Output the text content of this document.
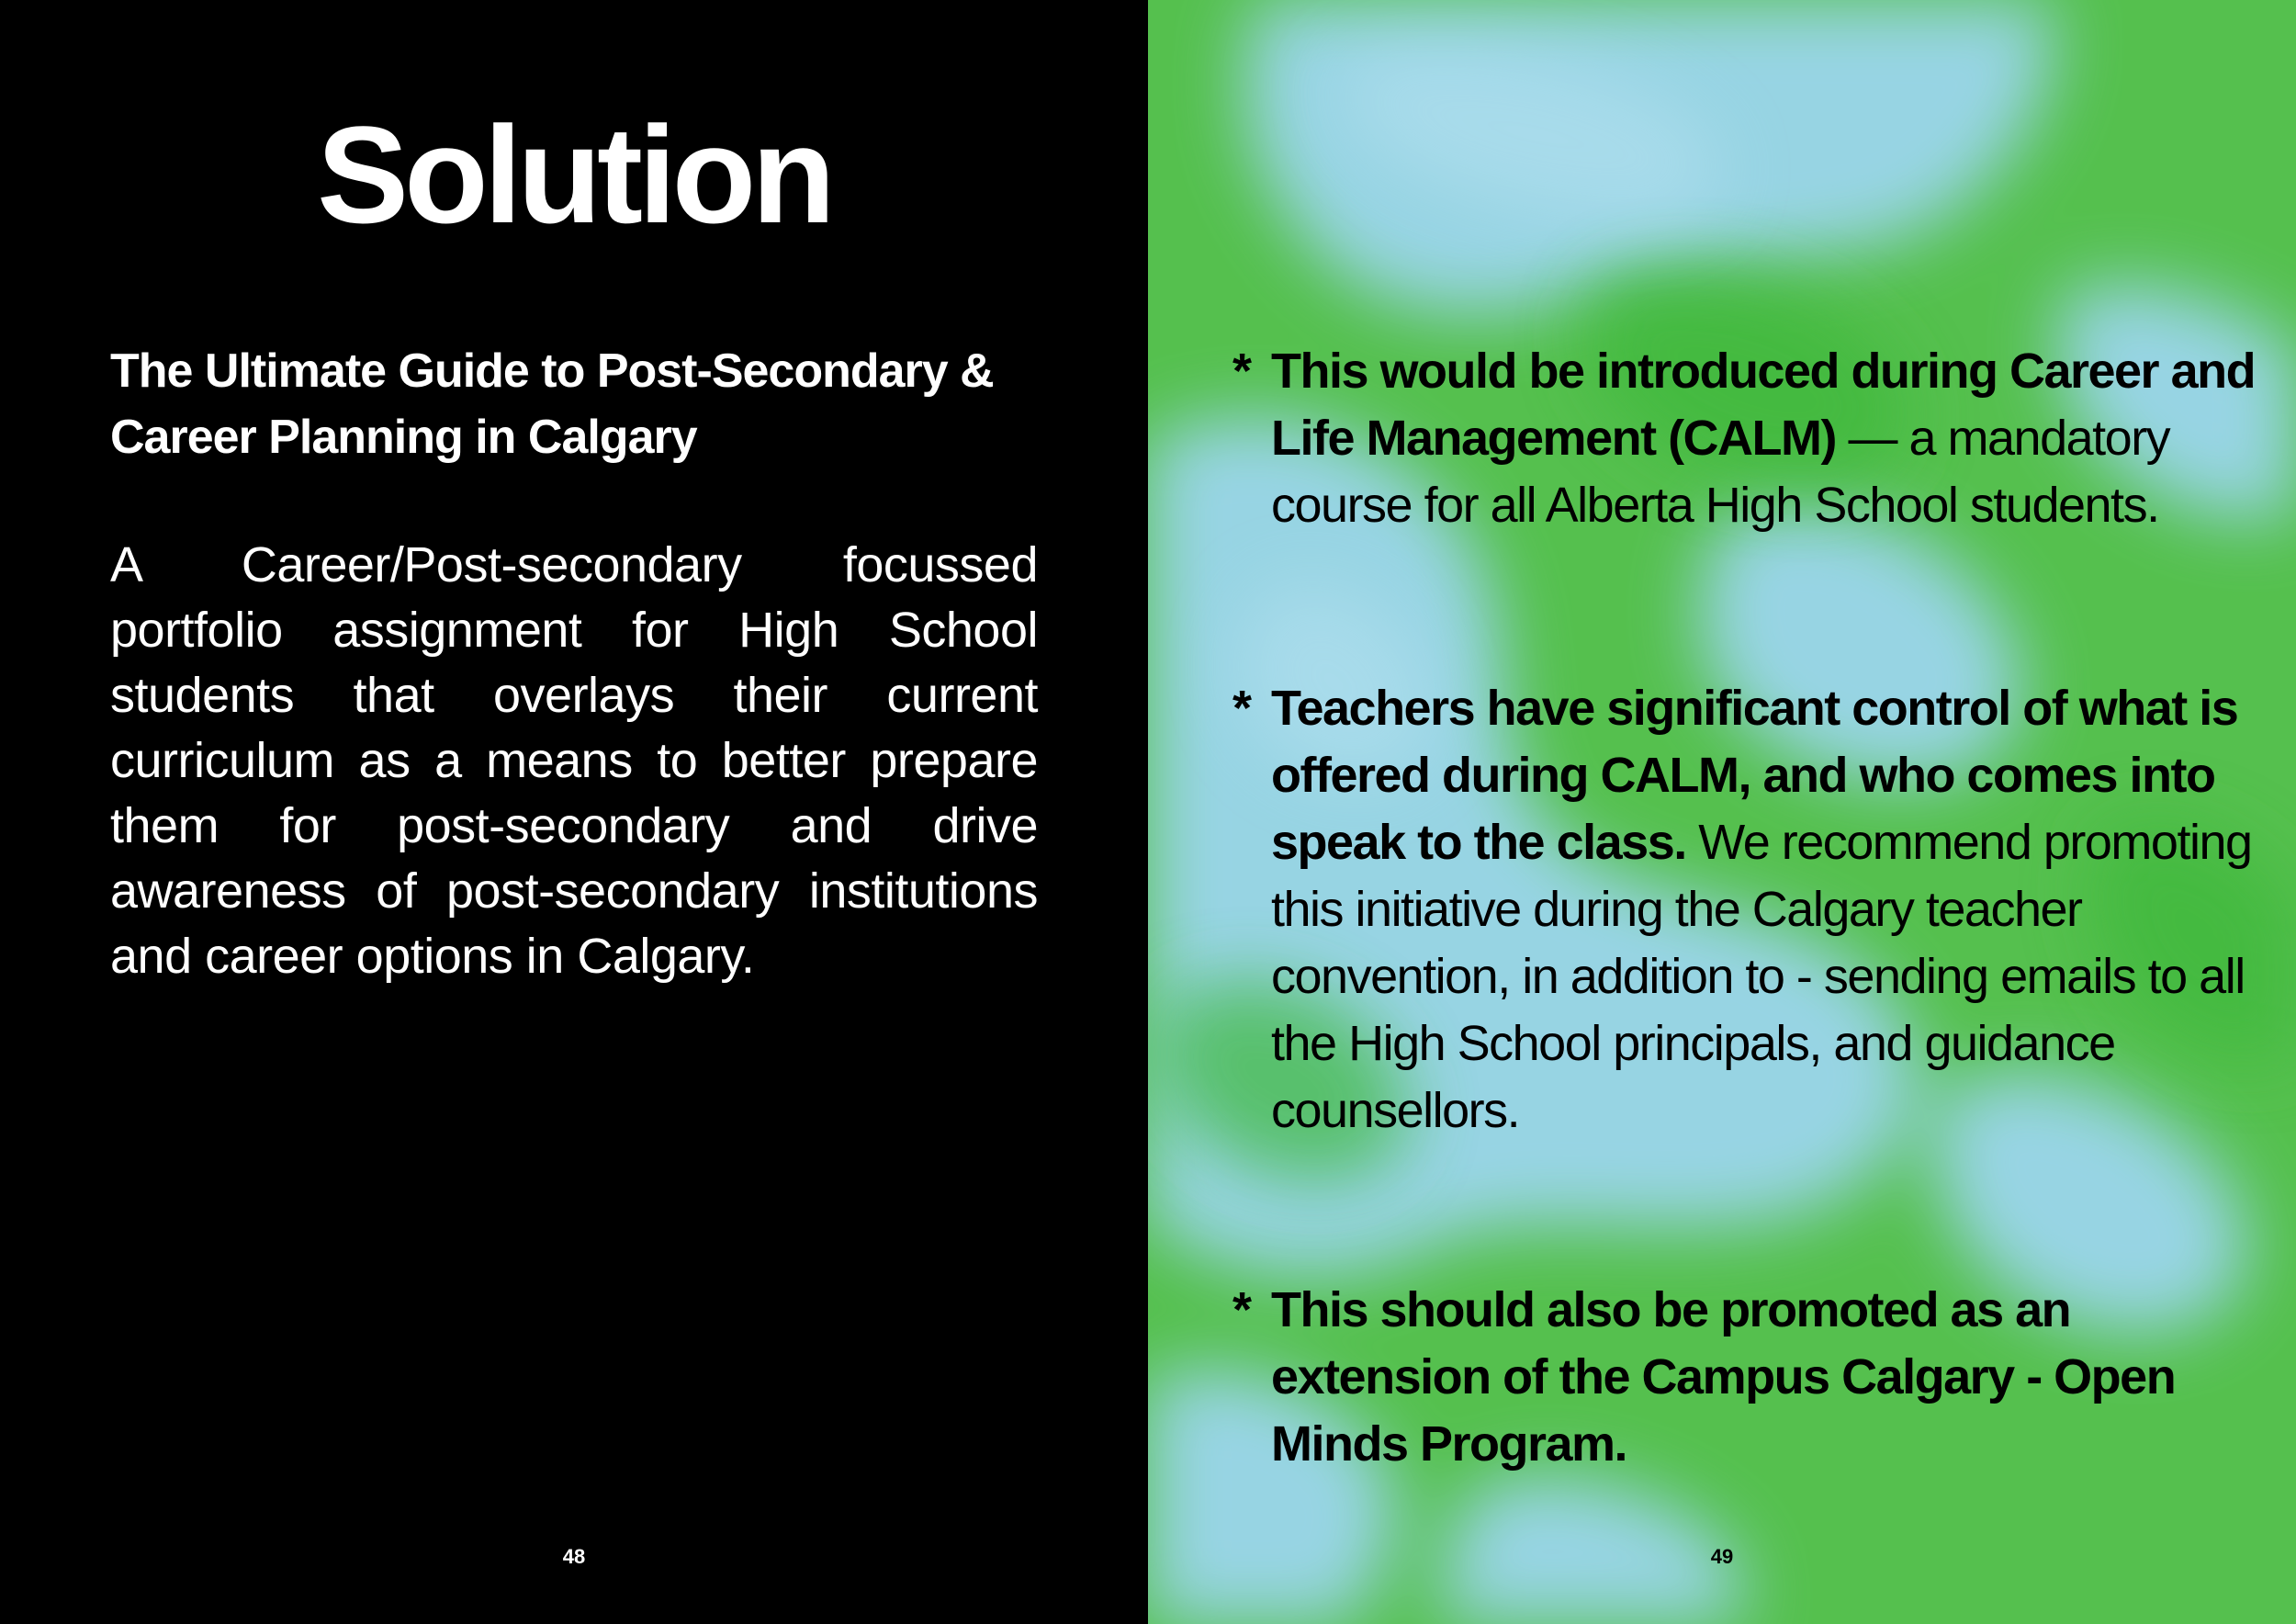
Solution
The Ultimate Guide to Post-Secondary & Career Planning in Calgary

A Career/Post-secondary focussed portfolio assignment for High School students that overlays their current curriculum as a means to better prepare them for post-secondary and drive awareness of post-secondary institutions and career options in Calgary.

48
* This would be introduced during Career and Life Management (CALM) — a mandatory course for all Alberta High School students.

* Teachers have significant control of what is offered during CALM, and who comes into speak to the class. We recommend promoting this initiative during the Calgary teacher convention, in addition to - sending emails to all the High School principals, and guidance counsellors.

* This should also be promoted as an extension of the Campus Calgary - Open Minds Program.

49
